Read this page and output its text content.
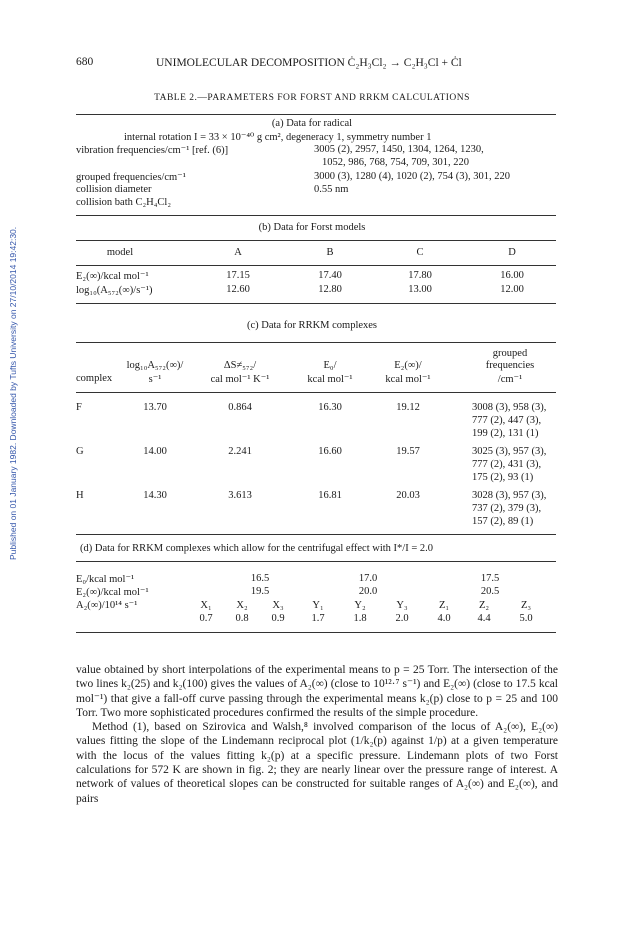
Published on 01 January 1982. Downloaded by Tufts University on 27/10/2014 19:42:30.
680	UNIMOLECULAR DECOMPOSITION Ċ₂H₃Cl₂ → C₂H₃Cl + Ċl
TABLE 2.—PARAMETERS FOR FORST AND RRKM CALCULATIONS
(a) Data for radical
internal rotation I = 33 × 10⁻⁴⁰ g cm², degeneracy 1, symmetry number 1
vibration frequencies/cm⁻¹ [ref. (6)]	3005 (2), 2957, 1450, 1304, 1264, 1230,
1052, 986, 768, 754, 709, 301, 220
grouped frequencies/cm⁻¹	3000 (3), 1280 (4), 1020 (2), 754 (3), 301, 220
collision diameter	0.55 nm
collision bath C₂H₄Cl₂
(b) Data for Forst models
model	A	B	C	D
E₂(∞)/kcal mol⁻¹	17.15	17.40	17.80	16.00
log₁₀(A₅₇₂(∞)/s⁻¹)	12.60	12.80	13.00	12.00
(c) Data for RRKM complexes
grouped
log₁₀A₅₇₂(∞)/	ΔS≠₅₇₂/	E₀/	E₂(∞)/	frequencies
complex	s⁻¹	cal mol⁻¹ K⁻¹	kcal mol⁻¹	kcal mol⁻¹	/cm⁻¹
F	13.70	0.864	16.30	19.12	3008 (3), 958 (3),
777 (2), 447 (3),
199 (2), 131 (1)
G	14.00	2.241	16.60	19.57	3025 (3), 957 (3),
777 (2), 431 (3),
175 (2), 93 (1)
H	14.30	3.613	16.81	20.03	3028 (3), 957 (3),
737 (2), 379 (3),
157 (2), 89 (1)
(d) Data for RRKM complexes which allow for the centrifugal effect with I*/I = 2.0
E₀/kcal mol⁻¹	16.5	17.0	17.5
E₂(∞)/kcal mol⁻¹	19.5	20.0	20.5
A₂(∞)/10¹⁴ s⁻¹	X₁	X₂	X₃	Y₁	Y₂	Y₃	Z₁	Z₂	Z₃
0.7	0.8	0.9	1.7	1.8	2.0	4.0	4.4	5.0

value obtained by short interpolations of the experimental means to p = 25 Torr. The intersection of the two lines k₂(25) and k₂(100) gives the values of A₂(∞) (close to 10¹²·⁷ s⁻¹) and E₂(∞) (close to 17.5 kcal mol⁻¹) that give a fall-off curve passing through the experimental means k₂(p) close to p = 25 and 100 Torr. Two more sophisticated procedures confirmed the results of the simple procedure.

Method (1), based on Szirovica and Walsh,⁸ involved comparison of the locus of A₂(∞), E₂(∞) values fitting the slope of the Lindemann reciprocal plot (1/k₂(p) against 1/p) at a given temperature with the locus of the values fitting k₂(p) at a specific pressure. Lindemann plots of two Forst calculations for 572 K are shown in fig. 2; they are nearly linear over the pressure range of interest. A network of values of theoretical slopes can be constructed for suitable ranges of A₂(∞) and E₂(∞), and pairs
